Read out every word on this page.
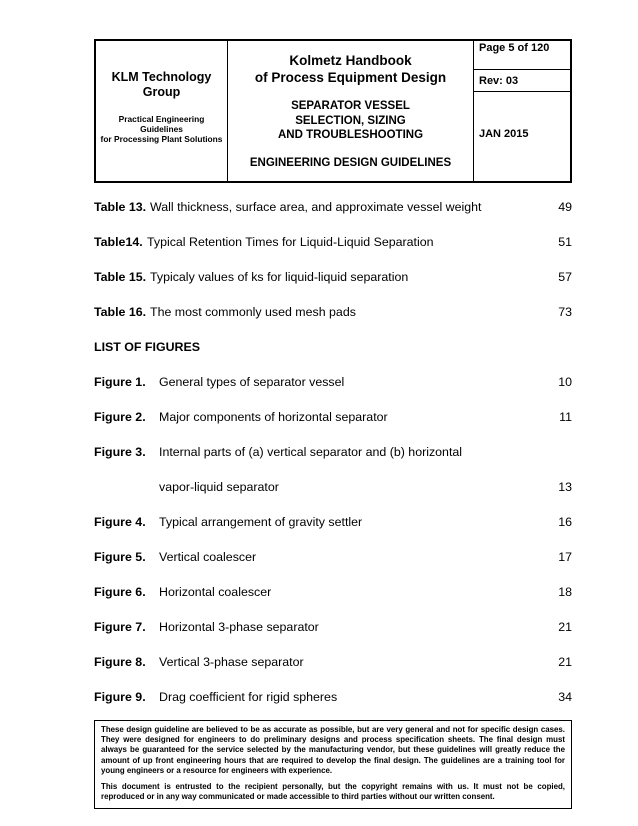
KLM Technology
Group
Practical Engineering
Guidelines
for Processing Plant Solutions
Kolmetz Handbook
of Process Equipment Design
SEPARATOR VESSEL
SELECTION, SIZING
AND TROUBLESHOOTING
ENGINEERING DESIGN GUIDELINES
Page 5 of 120
Rev: 03
JAN 2015
Table 13. Wall thickness, surface area, and approximate vessel weight	49
Table14. Typical Retention Times for Liquid-Liquid Separation	51
Table 15. Typicaly values of ks for liquid-liquid separation	57
Table 16. The most commonly used mesh pads	73
LIST OF FIGURES
Figure 1. General types of separator vessel	10
Figure 2. Major components of horizontal separator	11
Figure 3. Internal parts of (a) vertical separator and (b) horizontal
vapor-liquid separator	13
Figure 4. Typical arrangement of gravity settler	16
Figure 5. Vertical coalescer	17
Figure 6. Horizontal coalescer	18
Figure 7. Horizontal 3-phase separator	21
Figure 8. Vertical 3-phase separator	21
Figure 9. Drag coefficient for rigid spheres	34

These design guideline are believed to be as accurate as possible, but are very general and not for specific design cases. They were designed for engineers to do preliminary designs and process specification sheets. The final design must always be guaranteed for the service selected by the manufacturing vendor, but these guidelines will greatly reduce the amount of up front engineering hours that are required to develop the final design. The guidelines are a training tool for young engineers or a resource for engineers with experience.

This document is entrusted to the recipient personally, but the copyright remains with us. It must not be copied, reproduced or in any way communicated or made accessible to third parties without our written consent.
